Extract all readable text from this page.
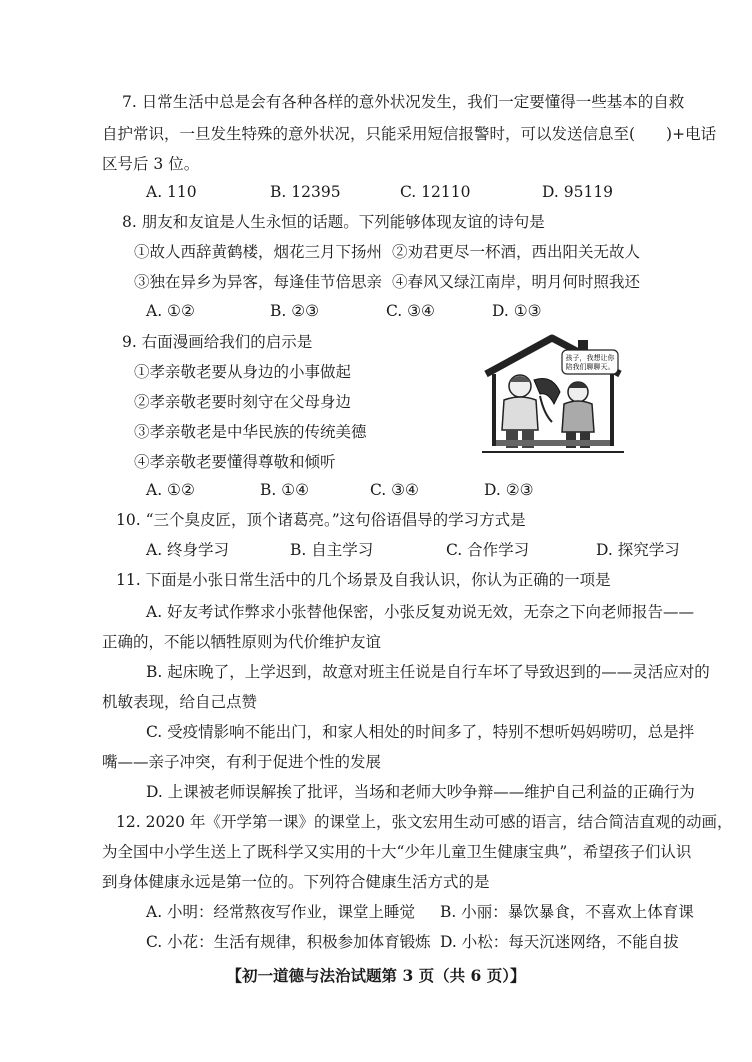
7. 日常生活中总是会有各种各样的意外状况发生，我们一定要懂得一些基本的自救
自护常识，一旦发生特殊的意外状况，只能采用短信报警时，可以发送信息至(　　)+电话
区号后 3 位。
A. 110	B. 12395	C. 12110	D. 95119
8. 朋友和友谊是人生永恒的话题。下列能够体现友谊的诗句是
①故人西辞黄鹤楼，烟花三月下扬州 ②劝君更尽一杯酒，西出阳关无故人
③独在异乡为异客，每逢佳节倍思亲 ④春风又绿江南岸，明月何时照我还
A. ①②	B. ②③	C. ③④	D. ①③
9. 右面漫画给我们的启示是
①孝亲敬老要从身边的小事做起
②孝亲敬老要时刻守在父母身边
③孝亲敬老是中华民族的传统美德
④孝亲敬老要懂得尊敬和倾听
孩子，我想让你
陪我们聊聊天。
A. ①②	B. ①④	C. ③④	D. ②③
10. “三个臭皮匠，顶个诸葛亮。”这句俗语倡导的学习方式是
A. 终身学习	B. 自主学习	C. 合作学习	D. 探究学习
11. 下面是小张日常生活中的几个场景及自我认识，你认为正确的一项是
A. 好友考试作弊求小张替他保密，小张反复劝说无效，无奈之下向老师报告——
正确的，不能以牺牲原则为代价维护友谊
B. 起床晚了，上学迟到，故意对班主任说是自行车坏了导致迟到的——灵活应对的
机敏表现，给自己点赞
C. 受疫情影响不能出门，和家人相处的时间多了，特别不想听妈妈唠叨，总是拌
嘴——亲子冲突，有利于促进个性的发展
D. 上课被老师误解挨了批评，当场和老师大吵争辩——维护自己利益的正确行为
12. 2020 年《开学第一课》的课堂上，张文宏用生动可感的语言，结合简洁直观的动画，
为全国中小学生送上了既科学又实用的十大“少年儿童卫生健康宝典”，希望孩子们认识
到身体健康永远是第一位的。下列符合健康生活方式的是
A. 小明：经常熬夜写作业，课堂上睡觉 B. 小丽：暴饮暴食，不喜欢上体育课
C. 小花：生活有规律，积极参加体育锻炼 D. 小松：每天沉迷网络，不能自拔
【初一道德与法治试题第 3 页（共 6 页）】
